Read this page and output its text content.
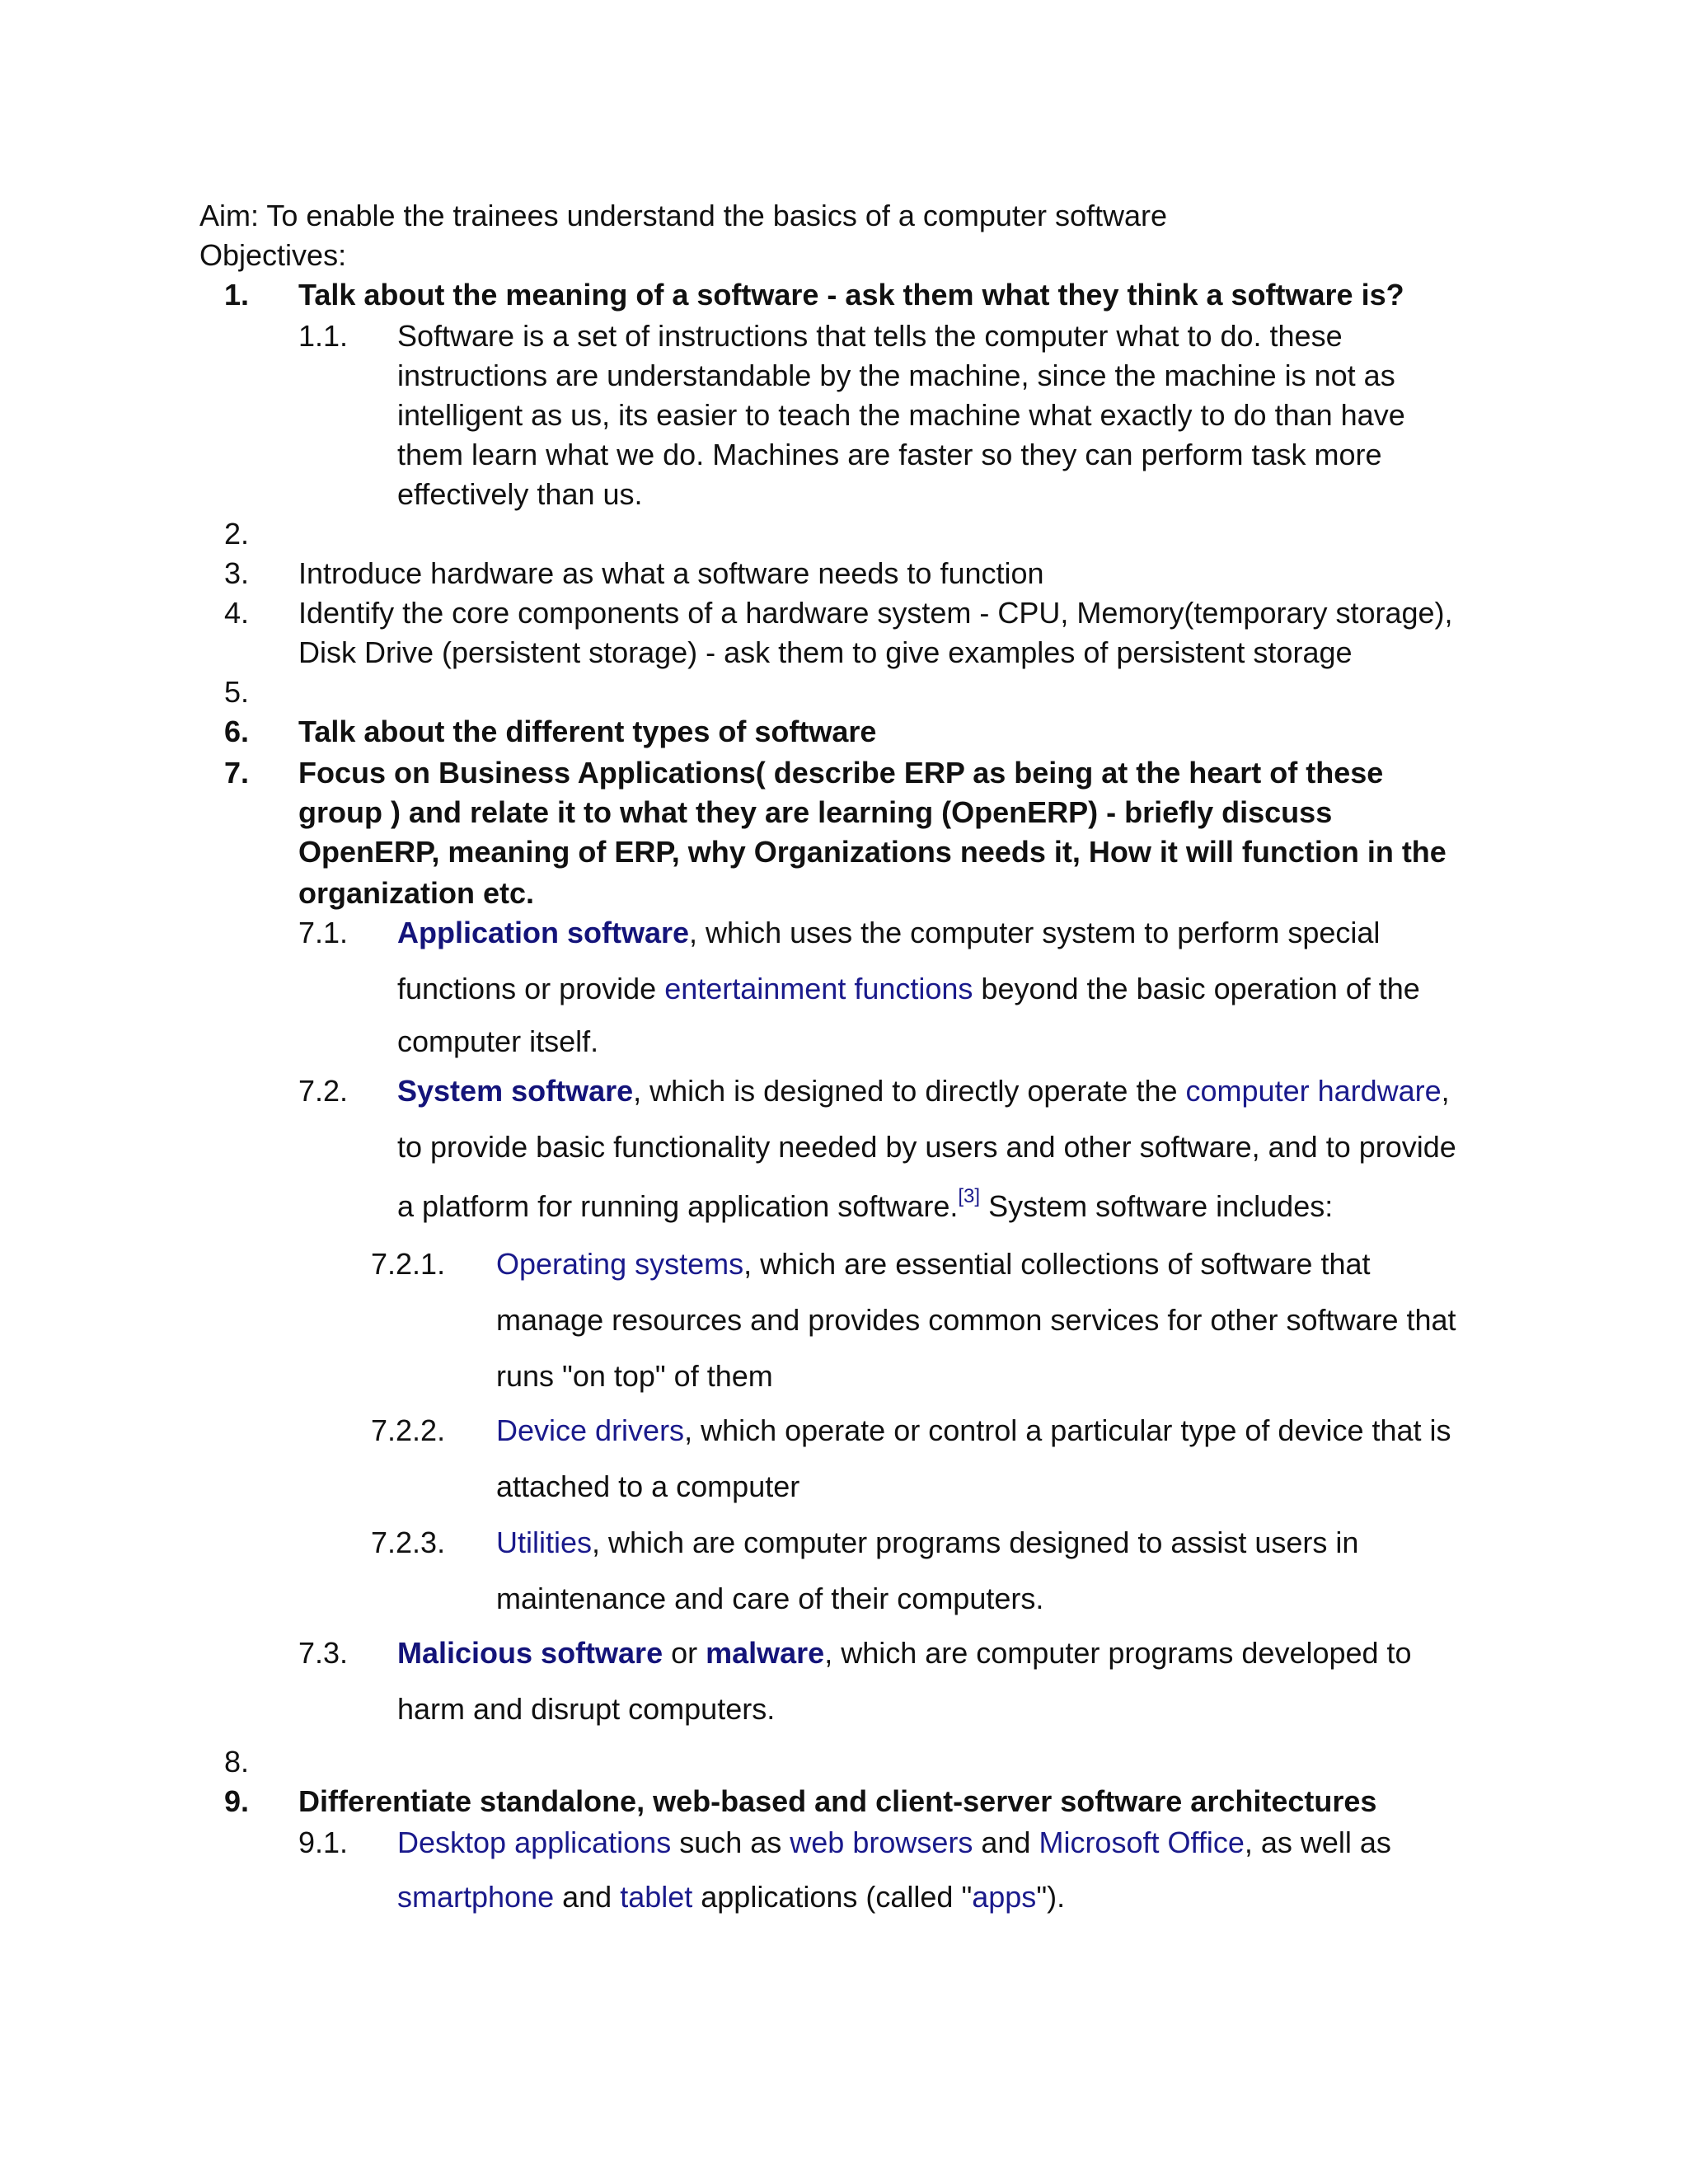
Aim: To enable the trainees understand the basics of a computer software
Objectives:
1. Talk about the meaning of a software - ask them what they think a software is?
1.1. Software is a set of instructions that tells the computer what to do. these
instructions are understandable by the machine, since the machine is not as
intelligent as us, its easier to teach the machine what exactly to do than have
them learn what we do. Machines are faster so they can perform task more
effectively than us.
2.
3. Introduce hardware as what a software needs to function
4. Identify the core components of a hardware system - CPU, Memory(temporary storage),
Disk Drive (persistent storage) - ask them to give examples of persistent storage
5.
6. Talk about the different types of software
7. Focus on Business Applications( describe ERP as being at the heart of these
group ) and relate it to what they are learning (OpenERP) - briefly discuss
OpenERP, meaning of ERP, why Organizations needs it, How it will function in the
organization etc.
7.1. Application software, which uses the computer system to perform special
functions or provide entertainment functions beyond the basic operation of the
computer itself.
7.2. System software, which is designed to directly operate the computer hardware,
to provide basic functionality needed by users and other software, and to provide
a platform for running application software.[3] System software includes:
7.2.1. Operating systems, which are essential collections of software that
manage resources and provides common services for other software that
runs "on top" of them
7.2.2. Device drivers, which operate or control a particular type of device that is
attached to a computer
7.2.3. Utilities, which are computer programs designed to assist users in
maintenance and care of their computers.
7.3. Malicious software or malware, which are computer programs developed to
harm and disrupt computers.
8.
9. Differentiate standalone, web-based and client-server software architectures
9.1. Desktop applications such as web browsers and Microsoft Office, as well as
smartphone and tablet applications (called "apps").
